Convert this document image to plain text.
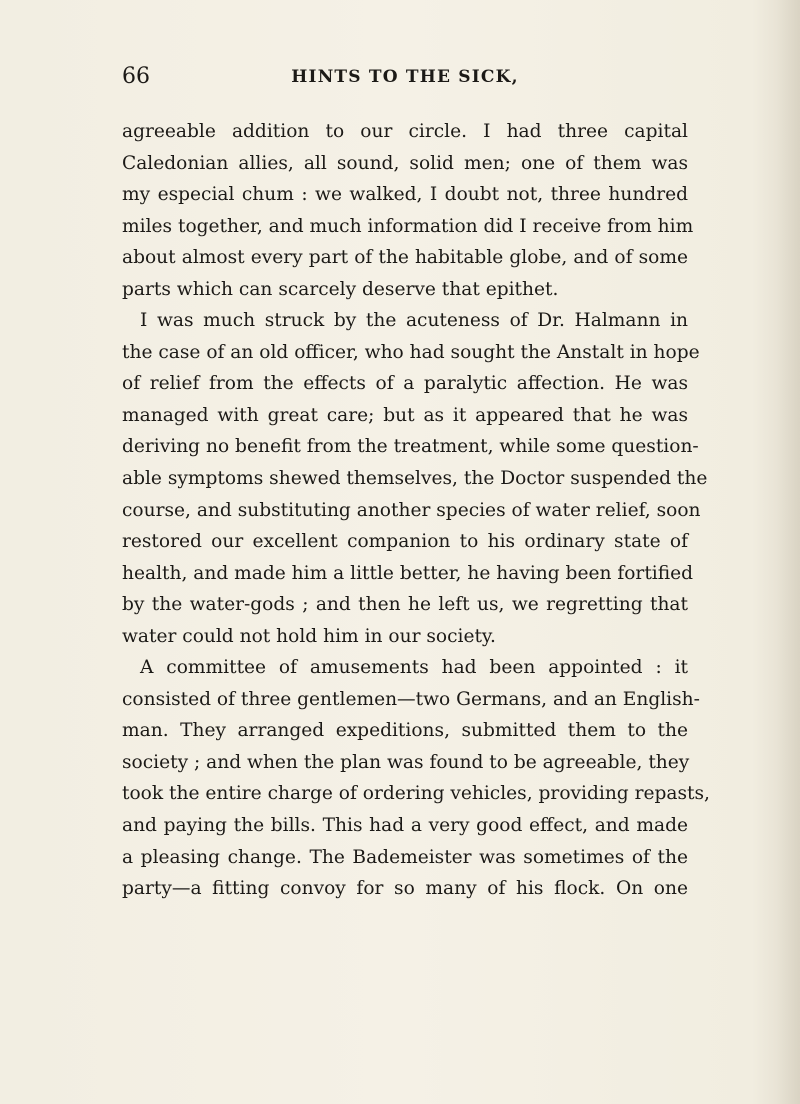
66	HINTS TO THE SICK,
agreeable addition to our circle. I had three capital
Caledonian allies, all sound, solid men; one of them was
my especial chum : we walked, I doubt not, three hundred
miles together, and much information did I receive from him
about almost every part of the habitable globe, and of some
parts which can scarcely deserve that epithet.
I was much struck by the acuteness of Dr. Halmann in
the case of an old officer, who had sought the Anstalt in hope
of relief from the effects of a paralytic affection. He was
managed with great care; but as it appeared that he was
deriving no benefit from the treatment, while some question-
able symptoms shewed themselves, the Doctor suspended the
course, and substituting another species of water relief, soon
restored our excellent companion to his ordinary state of
health, and made him a little better, he having been fortified
by the water-gods ; and then he left us, we regretting that
water could not hold him in our society.
A committee of amusements had been appointed : it
consisted of three gentlemen—two Germans, and an English-
man. They arranged expeditions, submitted them to the
society ; and when the plan was found to be agreeable, they
took the entire charge of ordering vehicles, providing repasts,
and paying the bills. This had a very good effect, and made
a pleasing change. The Bademeister was sometimes of the
party—a fitting convoy for so many of his flock. On one
